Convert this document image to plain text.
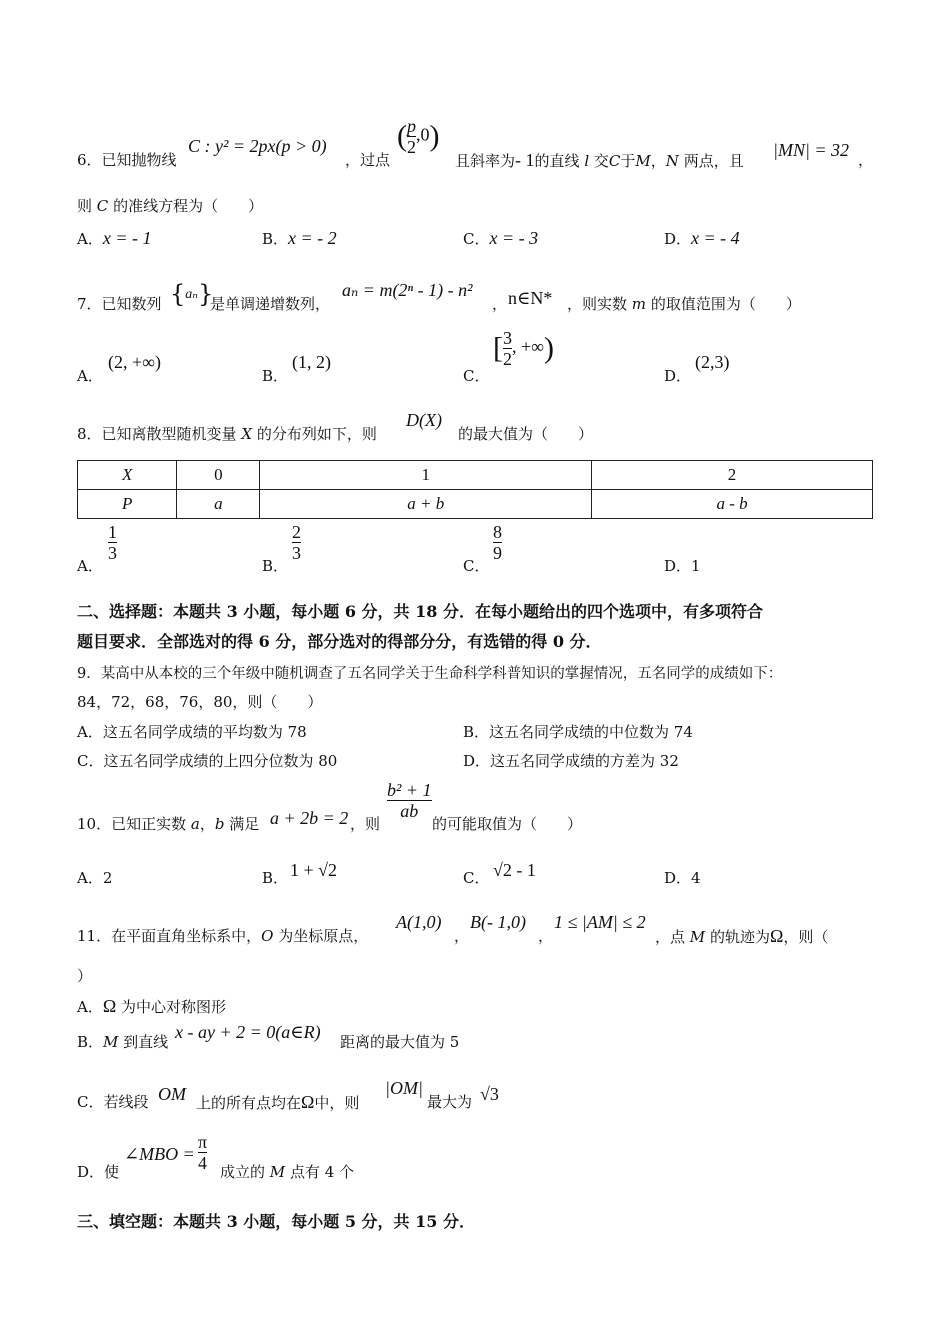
6．已知抛物线
C : y² = 2px(p > 0)
，过点
( $\frac{p}{2} ,0$)
且斜率为- 1的直线 l 交C于M，N 两点，且
|MN| = 32 ，
则 C 的准线方程为（　　）
A．x = - 1	B．x = - 2	C．x = - 3	D．x = - 4
7．已知数列 {aₙ}
是单调递增数列，
aₙ = m(2ⁿ - 1) - n²
， n∈N* ，则实数 m 的取值范围为（　　）
A．
(2, +∞)
B．
(1, 2)
C．
[ $\frac{3}{2}$ , +∞)
D．
(2,3)
8．已知离散型随机变量 X 的分布列如下，则
D(X)
的最大值为（　　）
X	0	1	2
P	a	a + b	a - b
A．
$\frac{1}{3}$
B．
$\frac{2}{3}$
C．
$\frac{8}{9}$
D．1
二、选择题：本题共 3 小题，每小题 6 分，共 18 分．在每小题给出的四个选项中，有多项符合
题目要求．全部选对的得 6 分，部分选对的得部分分，有选错的得 0 分．
9．某高中从本校的三个年级中随机调查了五名同学关于生命科学科普知识的掌握情况，五名同学的成绩如下：
84，72，68，76，80，则（　　）
A．这五名同学成绩的平均数为 78	B．这五名同学成绩的中位数为 74
C．这五名同学成绩的上四分位数为 80	D．这五名同学成绩的方差为 32
10．已知正实数 a，b 满足 a + 2b = 2 ，则
$\frac{\text{b² + 1}}{ab}$
的可能取值为（　　）
A．2	B． 1 + √2	C． √2 - 1	D．4
11．在平面直角坐标系中，O 为坐标原点，
A(1,0)
，
B(- 1,0)
，
1 ≤ |AM| ≤ 2
，点 M 的轨迹为Ω，则（
）
A．Ω 为中心对称图形
B．M 到直线 x - ay + 2 = 0(a∈R) 距离的最大值为 5
C．若线段 OM 上的所有点均在Ω中，则
|OM|
最大为 √3
D．使
∠MBO = $\frac{\pi}{4}$ 成立的 M 点有 4 个
三、填空题：本题共 3 小题，每小题 5 分，共 15 分．
